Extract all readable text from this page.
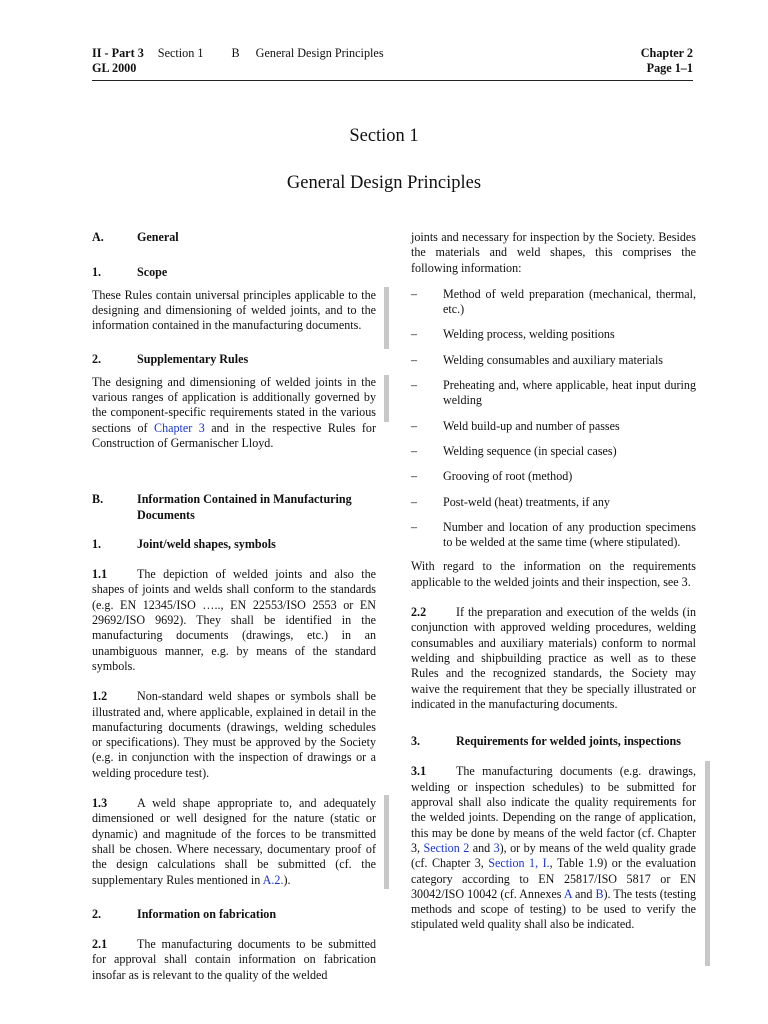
II - Part 3 Section 1 B General Design Principles
GL 2000
Chapter 2
Page 1–1
Section 1
General Design Principles
A.	General
1.	Scope

These Rules contain universal principles applicable to the designing and dimensioning of welded joints, and to the information contained in the manufacturing documents.

2.	Supplementary Rules

The designing and dimensioning of welded joints in the various ranges of application is additionally governed by the component-specific requirements stated in the various sections of Chapter 3 and in the respective Rules for Construction of Germanischer Lloyd.

B.	Information Contained in Manufacturing Documents
1.	Joint/weld shapes, symbols

1.1 The depiction of welded joints and also the shapes of joints and welds shall conform to the standards (e.g. EN 12345/ISO ….., EN 22553/ISO 2553 or EN 29692/ISO 9692). They shall be identified in the manufacturing documents (drawings, etc.) in an unambiguous manner, e.g. by means of the standard symbols.

1.2 Non-standard weld shapes or symbols shall be illustrated and, where applicable, explained in detail in the manufacturing documents (drawings, welding schedules or specifications). They must be approved by the Society (e.g. in conjunction with the inspection of drawings or a welding procedure test).

1.3 A weld shape appropriate to, and adequately dimensioned or well designed for the nature (static or dynamic) and magnitude of the forces to be transmitted shall be chosen. Where necessary, documentary proof of the design calculations shall be submitted (cf. the supplementary Rules mentioned in A.2.).

2.	Information on fabrication

2.1 The manufacturing documents to be submitted for approval shall contain information on fabrication insofar as is relevant to the quality of the welded

joints and necessary for inspection by the Society. Besides the materials and weld shapes, this comprises the following information:

–	Method of weld preparation (mechanical, thermal, etc.)
–	Welding process, welding positions
–	Welding consumables and auxiliary materials
–	Preheating and, where applicable, heat input during welding
–	Weld build-up and number of passes
–	Welding sequence (in special cases)
–	Grooving of root (method)
–	Post-weld (heat) treatments, if any
–	Number and location of any production specimens to be welded at the same time (where stipulated).

With regard to the information on the requirements applicable to the welded joints and their inspection, see 3.

2.2 If the preparation and execution of the welds (in conjunction with approved welding procedures, welding consumables and auxiliary materials) conform to normal welding and shipbuilding practice as well as to these Rules and the recognized standards, the Society may waive the requirement that they be specially illustrated or indicated in the manufacturing documents.

3.	Requirements for welded joints, inspections

3.1 The manufacturing documents (e.g. drawings, welding or inspection schedules) to be submitted for approval shall also indicate the quality requirements for the welded joints. Depending on the range of application, this may be done by means of the weld factor (cf. Chapter 3, Section 2 and 3), or by means of the weld quality grade (cf. Chapter 3, Section 1, I., Table 1.9) or the evaluation category according to EN 25817/ISO 5817 or EN 30042/ISO 10042 (cf. Annexes A and B). The tests (testing methods and scope of testing) to be used to verify the stipulated weld quality shall also be indicated.
